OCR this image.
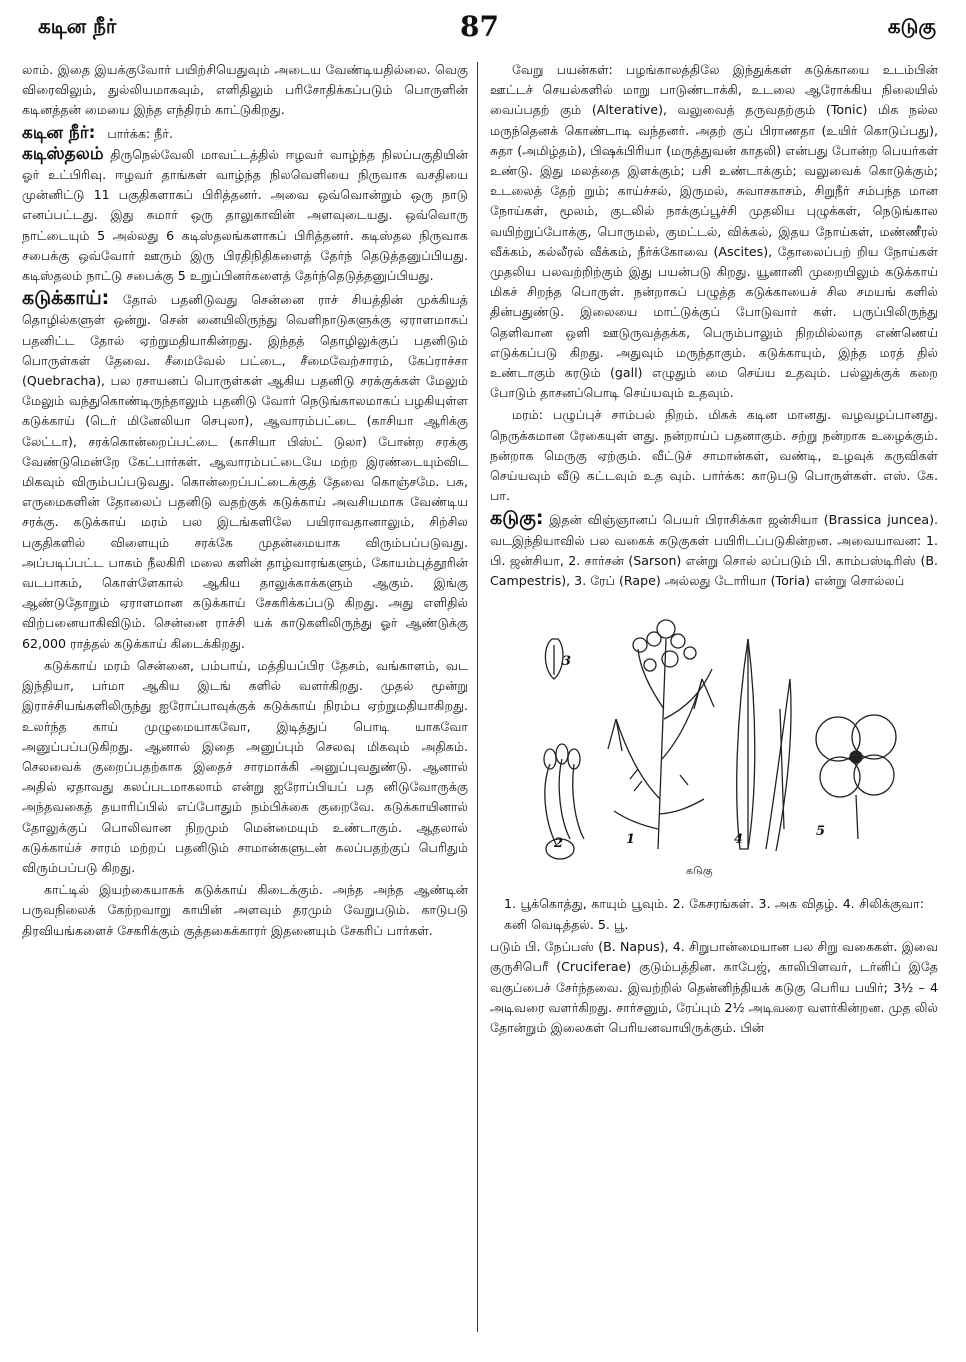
கடின நீர்	87	கடுகு

லாம். இதை இயக்குவோர் பயிற்சியெதுவும் அடைய வேண்டியதில்லை. வெகு விரைவிலும், துல்லியமாகவும், எளிதிலும் பரிசோதிக்கப்படும் பொருளின் கடினத்தன் மையை இந்த எந்திரம் காட்டுகிறது.

கடின நீர்: பார்க்க: நீர்.

கடிஸ்தலம் திருநெல்வேலி மாவட்டத்தில் ஈழவர் வாழ்ந்த நிலப்பகுதியின் ஓர் உட்பிரிவு. ஈழவர் தாங்கள் வாழ்ந்த நிலவெளியை நிருவாக வசதியை முன்னிட்டு 11 பகுதிகளாகப் பிரித்தனர். அவை ஒவ்வொன்றும் ஒரு நாடு எனப்பட்டது. இது சுமார் ஒரு தாலுகாவின் அளவுடையது. ஒவ்வொரு நாட்டையும் 5 அல்லது 6 கடிஸ்தலங்களாகப் பிரித்தனர். கடிஸ்தல நிருவாக சபைக்கு ஒவ்வோர் ஊரும் இரு பிரதிநிதிகளைத் தேர்ந் தெடுத்தனுப்பியது. கடிஸ்தலம் நாட்டு சபைக்கு 5 உறுப்பினர்களைத் தேர்ந்தெடுத்தனுப்பியது.

கடுக்காய்: தோல் பதனிடுவது சென்னை ராச் சியத்தின் முக்கியத் தொழில்களுள் ஒன்று. சென் னையிலிருந்து வெளிநாடுகளுக்கு ஏராளமாகப் பதனிட்ட தோல் ஏற்றுமதியாகின்றது. இந்தத் தொழிலுக்குப் பதனிடும் பொருள்கள் தேவை. சீமைவேல் பட்டை, சீமைவேற்சாரம், கேப்ராச்சா (Quebracha), பல ரசாயனப் பொருள்கள் ஆகிய பதனிடு சரக்குக்கள் மேலும் மேலும் வந்துகொண்டிருந்தாலும் பதனிடு வோர் நெடுங்காலமாகப் பழகியுள்ள கடுக்காய் (டெர் மினேலியா செபுலா), ஆவாரம்பட்டை (காசியா ஆரிக்கு லேட்டா), சரக்கொன்றைப்பட்டை (காசியா பிஸ்ட் டுலா) போன்ற சரக்கு வேண்டுமென்றே கேட்பார்கள். ஆவாரம்பட்டையே மற்ற இரண்டையும்விட மிகவும் விரும்பப்படுவது. கொன்றைப்பட்டைக்குத் தேவை கொஞ்சமே. பசு, எருமைகளின் தோலைப் பதனிடு வதற்குக் கடுக்காய் அவசியமாக வேண்டிய சரக்கு. கடுக்காய் மரம் பல இடங்களிலே பயிராவதானாலும், சிற்சில பகுதிகளில் விளையும் சரக்கே முதன்மையாக விரும்பப்படுவது. அப்படிப்பட்ட பாகம் நீலகிரி மலை களின் தாழ்வாரங்களும், கோயம்புத்தூரின் வடபாகம், கொள்ளேகால் ஆகிய தாலுக்காக்களும் ஆகும். இங்கு ஆண்டுதோறும் ஏராளமான கடுக்காய் சேகரிக்கப்படு கிறது. அது எளிதில் விற்பனையாகிவிடும். சென்னை ராச்சி யக் காடுகளிலிருந்து ஓர் ஆண்டுக்கு 62,000 ராத்தல் கடுக்காய் கிடைக்கிறது.

கடுக்காய் மரம் சென்னை, பம்பாய், மத்தியப்பிர தேசம், வங்காளம், வட இந்தியா, பர்மா ஆகிய இடங் களில் வளர்கிறது. முதல் மூன்று இராச்சியங்களிலிருந்து ஐரோப்பாவுக்குக் கடுக்காய் நிரம்ப ஏற்றுமதியாகிறது. உலர்ந்த காய் முழுமையாகவோ, இடித்துப் பொடி யாகவோ அனுப்பப்படுகிறது. ஆனால் இதை அனுப்பும் செலவு மிகவும் அதிகம். செலவைக் குறைப்பதற்காக இதைச் சாரமாக்கி அனுப்புவதுண்டு. ஆனால் அதில் ஏதாவது கலப்படமாகலாம் என்று ஐரோப்பியப் பத னிடுவோருக்கு அந்தவகைத் தயாரிப்பில் எப்போதும் நம்பிக்கை குறைவே. கடுக்காயினால் தோலுக்குப் பொலிவான நிறமும் மென்மையும் உண்டாகும். ஆதலால் கடுக்காய்ச் சாரம் மற்றப் பதனிடும் சாமான்களுடன் கலப்பதற்குப் பெரிதும் விரும்பப்படு கிறது.

காட்டில் இயற்கையாகக் கடுக்காய் கிடைக்கும். அந்த அந்த ஆண்டின் பருவநிலைக் கேற்றவாறு காயின் அளவும் தரமும் வேறுபடும். காடுபடு திரவியங்களைச் சேகரிக்கும் குத்தகைக்காரர் இதனையும் சேகரிப் பார்கள்.

வேறு பயன்கள்: பழங்காலத்திலே இந்துக்கள் கடுக்காயை உடம்பின் ஊட்டச் செயல்களில் மாறு பாடுண்டாக்கி, உடலை ஆரோக்கிய நிலையில் வைப்பதற் கும் (Alterative), வலுவைத் தருவதற்கும் (Tonic) மிக நல்ல மருந்தெனக் கொண்டாடி வந்தனர். அதற் குப் பிராணதா (உயிர் கொடுப்பது), சுதா (அமிழ்தம்), பிஷக்பிரியா (மருத்துவன் காதலி) என்பது போன்ற பெயர்கள் உண்டு. இது மலத்தை இளக்கும்; பசி உண்டாக்கும்; வலுவைக் கொடுக்கும்; உடலைத் தேற் றும்; காய்ச்சல், இருமல், சுவாசகாசம், சிறுநீர் சம்பந்த மான நோய்கள், மூலம், குடலில் நாக்குப்பூச்சி முதலிய புழுக்கள், நெடுங்கால வயிற்றுப்போக்கு, பொருமல், குமட்டல், விக்கல், இதய நோய்கள், மண்ணீரல் வீக்கம், கல்லீரல் வீக்கம், நீர்க்கோவை (Ascites), தோலைப்பற் றிய நோய்கள் முதலிய பலவற்றிற்கும் இது பயன்படு கிறது. யூனானி முறையிலும் கடுக்காய் மிகச் சிறந்த பொருள். நன்றாகப் பழுத்த கடுக்காயைச் சில சமயங் களில் தின்பதுண்டு. இலையை மாட்டுக்குப் போடுவார் கள். பருப்பிலிருந்து தெளிவான ஒளி ஊடுருவத்தக்க, பெரும்பாலும் நிறமில்லாத எண்ணெய் எடுக்கப்படு கிறது. அதுவும் மருந்தாகும். கடுக்காயும், இந்த மரத் தில் உண்டாகும் கரடும் (gall) எழுதும் மை செய்ய உதவும். பல்லுக்குக் கறை போடும் தாசனப்பொடி செய்யவும் உதவும்.

மரம்: பழுப்புச் சாம்பல் நிறம். மிகக் கடின மானது. வழவழப்பானது. நெருக்கமான ரேகையுள் ளது. நன்றாய்ப் பதனாகும். சற்று நன்றாக உழைக்கும். நன்றாக மெருகு ஏற்கும். வீட்டுச் சாமான்கள், வண்டி, உழவுக் கருவிகள் செய்யவும் வீடு கட்டவும் உத வும். பார்க்க: காடுபடு பொருள்கள். எஸ். கே. பா.

கடுகு: இதன் விஞ்ஞானப் பெயர் பிராசிக்கா ஜன்சியா (Brassica juncea). வடஇந்தியாவில் பல வகைக் கடுகுகள் பயிரிடப்படுகின்றன. அவையாவன: 1. பி. ஜன்சியா, 2. சார்சன் (Sarson) என்று சொல் லப்படும் பி. காம்பஸ்டிரிஸ் (B. Campestris), 3. ரேப் (Rape) அல்லது டோரியா (Toria) என்று சொல்லப்

3
2	1	4
5
கடுகு

1. பூக்கொத்து, காயும் பூவும். 2. கேசரங்கள். 3. அக விதழ். 4. சிலிக்குவா: கனி வெடித்தல். 5. பூ.

படும் பி. நேப்பஸ் (B. Napus), 4. சிறுபான்மையான பல சிறு வகைகள். இவை குருசிபெரீ (Cruciferae) குடும்பத்தின. காபேஜ், காலிபிளவர், டர்னிப் இதே வகுப்பைச் சேர்ந்தவை. இவற்றில் தென்னிந்தியக் கடுகு பெரிய பயிர்; 3½ – 4 அடிவரை வளர்கிறது. சார்சனும், ரேப்பும் 2½ அடிவரை வளர்கின்றன. முத லில் தோன்றும் இலைகள் பெரியனவாயிருக்கும். பின்
